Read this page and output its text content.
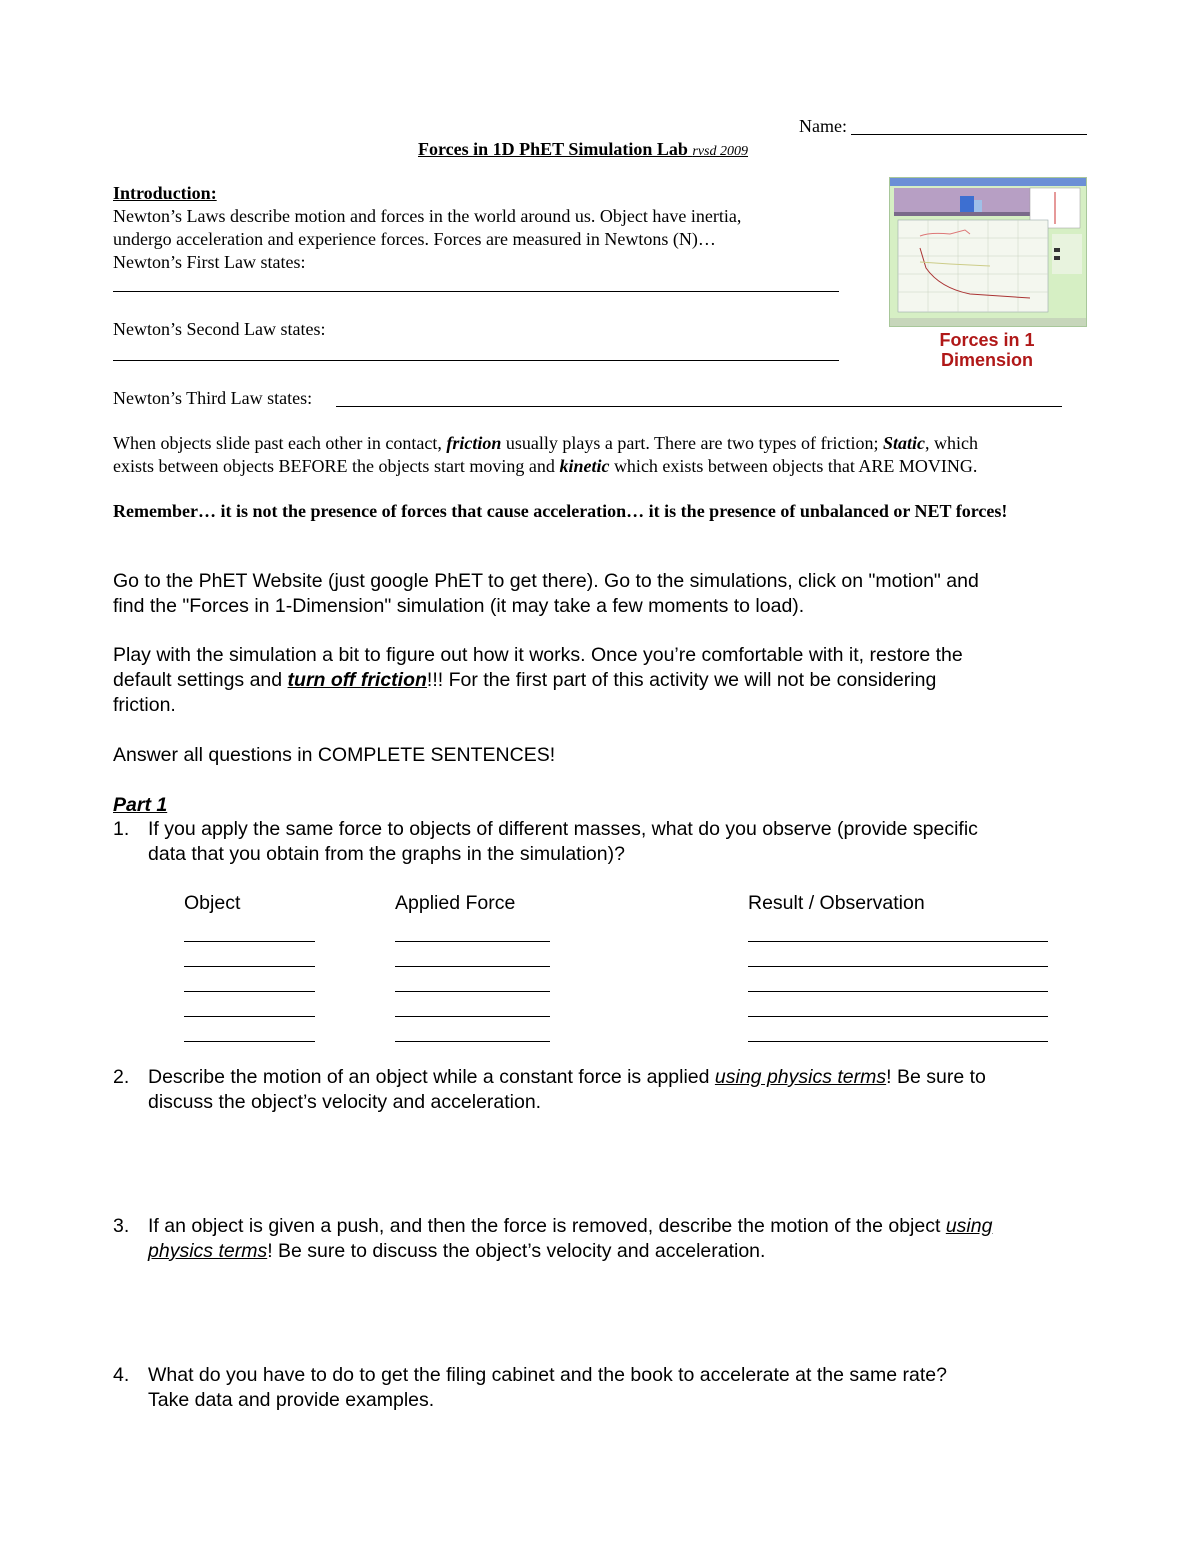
Name:
Forces in 1D PhET Simulation Lab rvsd 2009
Forces in 1
Dimension
Introduction:
Newton’s Laws describe motion and forces in the world around us. Object have inertia,
undergo acceleration and experience forces. Forces are measured in Newtons (N)…
Newton’s First Law states:
Newton’s Second Law states:
Newton’s Third Law states:
When objects slide past each other in contact, friction usually plays a part. There are two types of friction; Static, which
exists between objects BEFORE the objects start moving and kinetic which exists between objects that ARE MOVING.
Remember… it is not the presence of forces that cause acceleration… it is the presence of unbalanced or NET forces!
Go to the PhET Website (just google PhET to get there). Go to the simulations, click on "motion" and
find the "Forces in 1-Dimension" simulation (it may take a few moments to load).
Play with the simulation a bit to figure out how it works. Once you’re comfortable with it, restore the
default settings and turn off friction!!! For the first part of this activity we will not be considering
friction.
Answer all questions in COMPLETE SENTENCES!
Part 1
1. If you apply the same force to objects of different masses, what do you observe (provide specific
data that you obtain from the graphs in the simulation)?
Object	Applied Force	Result / Observation
2. Describe the motion of an object while a constant force is applied using physics terms! Be sure to
discuss the object’s velocity and acceleration.
3. If an object is given a push, and then the force is removed, describe the motion of the object using
physics terms! Be sure to discuss the object’s velocity and acceleration.
4. What do you have to do to get the filing cabinet and the book to accelerate at the same rate?
Take data and provide examples.
